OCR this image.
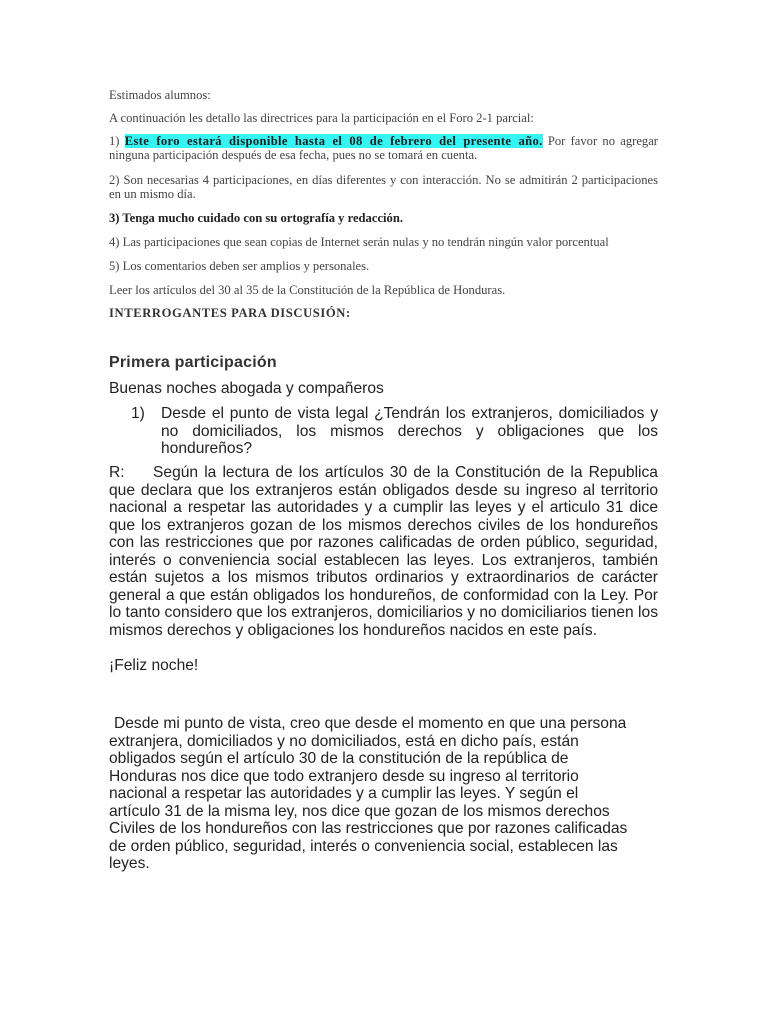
Estimados alumnos:

A continuación les detallo las directrices para la participación en el Foro 2-1 parcial:

1) Este foro estará disponible hasta el 08 de febrero del presente año. Por favor no agregar ninguna participación después de esa fecha, pues no se tomará en cuenta.

2) Son necesarias 4 participaciones, en días diferentes y con interacción. No se admitirán 2 participaciones en un mismo día.

3) Tenga mucho cuidado con su ortografía y redacción.

4) Las participaciones que sean copias de Internet serán nulas y no tendrán ningún valor porcentual

5) Los comentarios deben ser amplios y personales.

Leer los artículos del 30 al 35 de la Constitución de la República de Honduras.

INTERROGANTES PARA DISCUSIÓN:

Primera participación

Buenas noches abogada y compañeros

1) Desde el punto de vista legal ¿Tendrán los extranjeros, domiciliados y no domiciliados, los mismos derechos y obligaciones que los hondureños?

R: Según la lectura de los artículos 30 de la Constitución de la Republica que declara que los extranjeros están obligados desde su ingreso al territorio nacional a respetar las autoridades y a cumplir las leyes y el articulo 31 dice que los extranjeros gozan de los mismos derechos civiles de los hondureños con las restricciones que por razones calificadas de orden público, seguridad, interés o conveniencia social establecen las leyes. Los extranjeros, también están sujetos a los mismos tributos ordinarios y extraordinarios de carácter general a que están obligados los hondureños, de conformidad con la Ley. Por lo tanto considero que los extranjeros, domiciliarios y no domiciliarios tienen los mismos derechos y obligaciones los hondureños nacidos en este país.

¡Feliz noche!

Desde mi punto de vista, creo que desde el momento en que una persona extranjera, domiciliados y no domiciliados, está en dicho país, están obligados según el artículo 30 de la constitución de la república de Honduras nos dice que todo extranjero desde su ingreso al territorio nacional a respetar las autoridades y a cumplir las leyes. Y según el artículo 31 de la misma ley, nos dice que gozan de los mismos derechos Civiles de los hondureños con las restricciones que por razones calificadas de orden público, seguridad, interés o conveniencia social, establecen las leyes.
